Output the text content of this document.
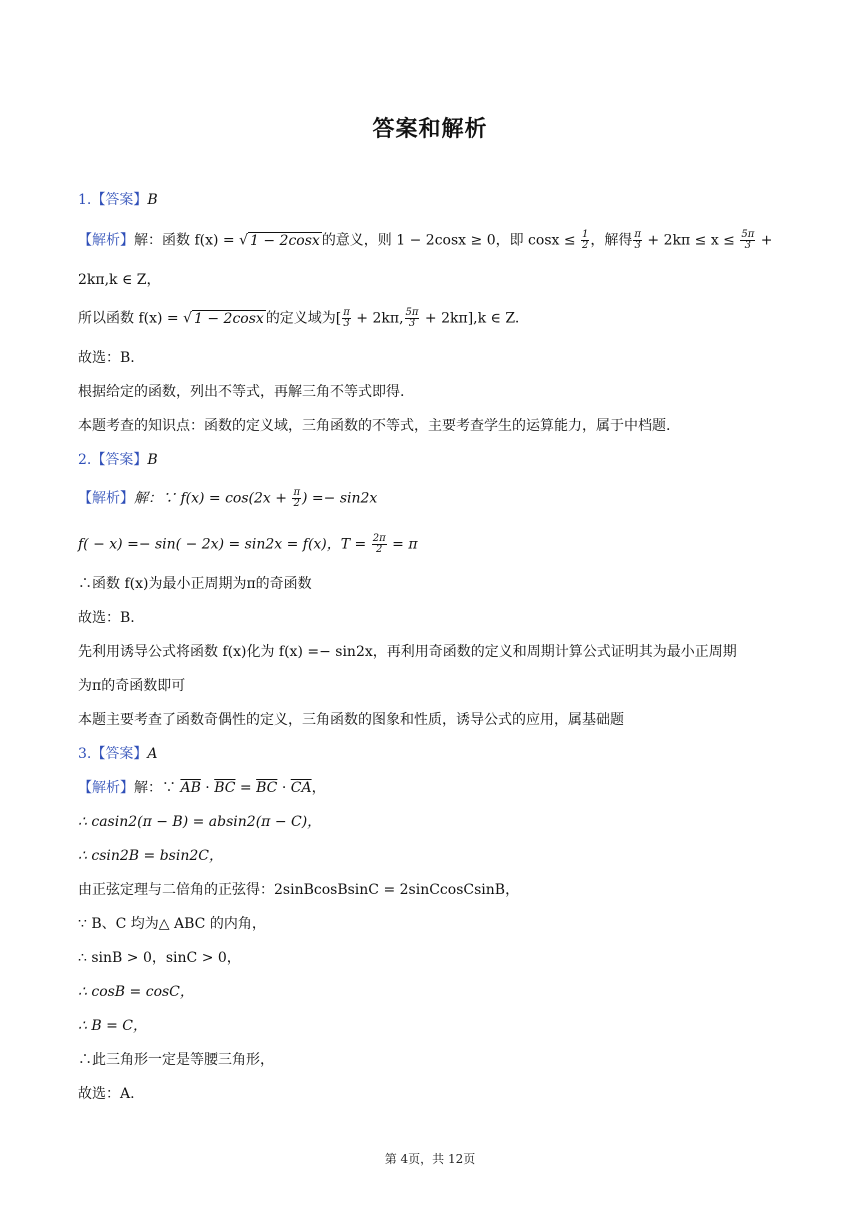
答案和解析
1.【答案】B
【解析】解：函数 f(x) = √ 1 − 2cosx 的意义，则 1 − 2cosx ≥ 0，即 $\cos x \le \frac{1}{2}$ ，解得 $\frac{\pi}{3} + 2k\pi \le x \le \frac{5\pi}{3}$ +
2kπ,k ∈ Z，
所以函数 f(x) = √ 1 − 2cosx 的定义域为[ $\frac{\pi}{3} + 2k\pi$, $\frac{5\pi}{3} + 2k\pi],k$ ∈ Z.
故选：B.
根据给定的函数，列出不等式，再解三角不等式即得.
本题考查的知识点：函数的定义域，三角函数的不等式，主要考查学生的运算能力，属于中档题.
2.【答案】B
【解析】解：∵ $f(x) = \cos(2x + \frac{\pi}{2}$ ) =− sin2x
f( − x) =− sin( − 2x) = sin2x = f(x)，$T = \frac{2\pi}{2} = \pi$
∴函数 f(x)为最小正周期为π的奇函数
故选：B.
先利用诱导公式将函数 f(x)化为 f(x) =− sin2x，再利用奇函数的定义和周期计算公式证明其为最小正周期
为π的奇函数即可
本题主要考查了函数奇偶性的定义，三角函数的图象和性质，诱导公式的应用，属基础题
3.【答案】A
【解析】解：∵ $\overline{AB} \cdot \overline{BC} = \overline{BC} \cdot \overline{CA}$，
∴ casin2(π − B) = absin2(π − C)，
∴ csin2B = bsin2C，
由正弦定理与二倍角的正弦得：2sinBcosBsinC = 2sinCcosCsinB，
∵ B、C 均为△ ABC 的内角，
∴ sinB > 0，sinC > 0，
∴ cosB = cosC，
∴ B = C，
∴此三角形一定是等腰三角形，
故选：A.
第 4页，共 12页
